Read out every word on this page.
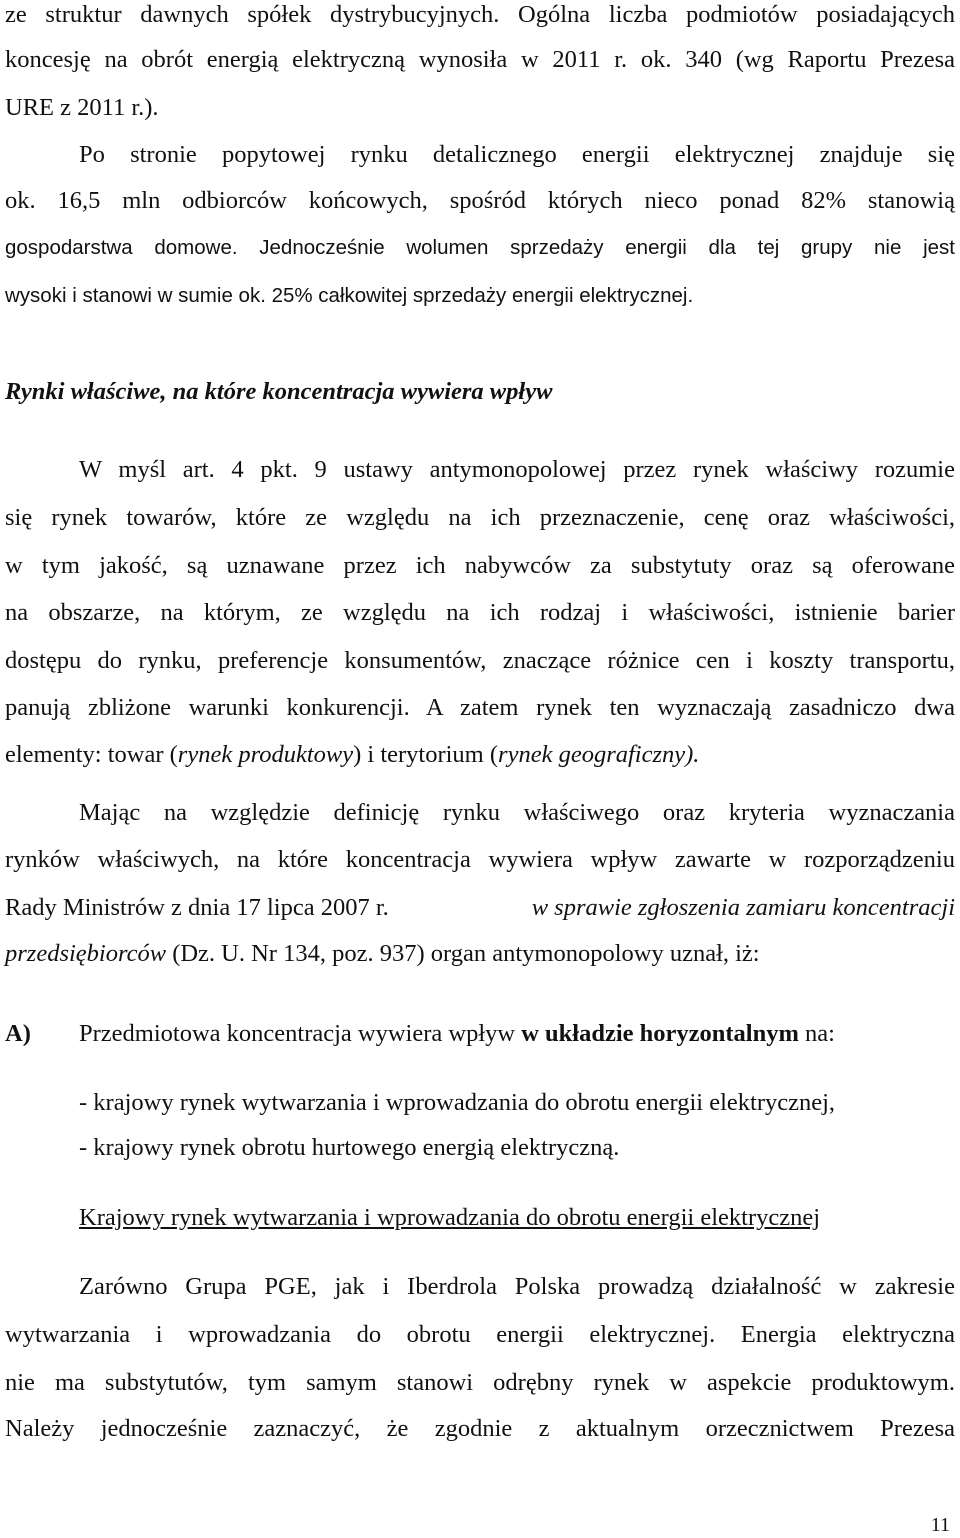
ze struktur dawnych spółek dystrybucyjnych. Ogólna liczba podmiotów posiadających
koncesję na obrót energią elektryczną wynosiła w 2011 r. ok. 340 (wg Raportu Prezesa
URE z 2011 r.).
Po stronie popytowej rynku detalicznego energii elektrycznej znajduje się
ok. 16,5 mln odbiorców końcowych, spośród których nieco ponad 82% stanowią
gospodarstwa domowe. Jednocześnie wolumen sprzedaży energii dla tej grupy nie jest
wysoki i stanowi w sumie ok. 25% całkowitej sprzedaży energii elektrycznej.
Rynki właściwe, na które koncentracja wywiera wpływ
W myśl art. 4 pkt. 9 ustawy antymonopolowej przez rynek właściwy rozumie
się rynek towarów, które ze względu na ich przeznaczenie, cenę oraz właściwości,
w tym jakość, są uznawane przez ich nabywców za substytuty oraz są oferowane
na obszarze, na którym, ze względu na ich rodzaj i właściwości, istnienie barier
dostępu do rynku, preferencje konsumentów, znaczące różnice cen i koszty transportu,
panują zbliżone warunki konkurencji. A zatem rynek ten wyznaczają zasadniczo dwa
elementy: towar (rynek produktowy) i terytorium (rynek geograficzny).
Mając na względzie definicję rynku właściwego oraz kryteria wyznaczania
rynków właściwych, na które koncentracja wywiera wpływ zawarte w rozporządzeniu
Rady Ministrów z dnia 17 lipca 2007 r.	w sprawie zgłoszenia zamiaru koncentracji
przedsiębiorców (Dz. U. Nr 134, poz. 937) organ antymonopolowy uznał, iż:
A) Przedmiotowa koncentracja wywiera wpływ w układzie horyzontalnym na:
- krajowy rynek wytwarzania i wprowadzania do obrotu energii elektrycznej,
- krajowy rynek obrotu hurtowego energią elektryczną.
Krajowy rynek wytwarzania i wprowadzania do obrotu energii elektrycznej
Zarówno Grupa PGE, jak i Iberdrola Polska prowadzą działalność w zakresie
wytwarzania i wprowadzania do obrotu energii elektrycznej. Energia elektryczna
nie ma substytutów, tym samym stanowi odrębny rynek w aspekcie produktowym.
Należy jednocześnie zaznaczyć, że zgodnie z aktualnym orzecznictwem Prezesa
11
